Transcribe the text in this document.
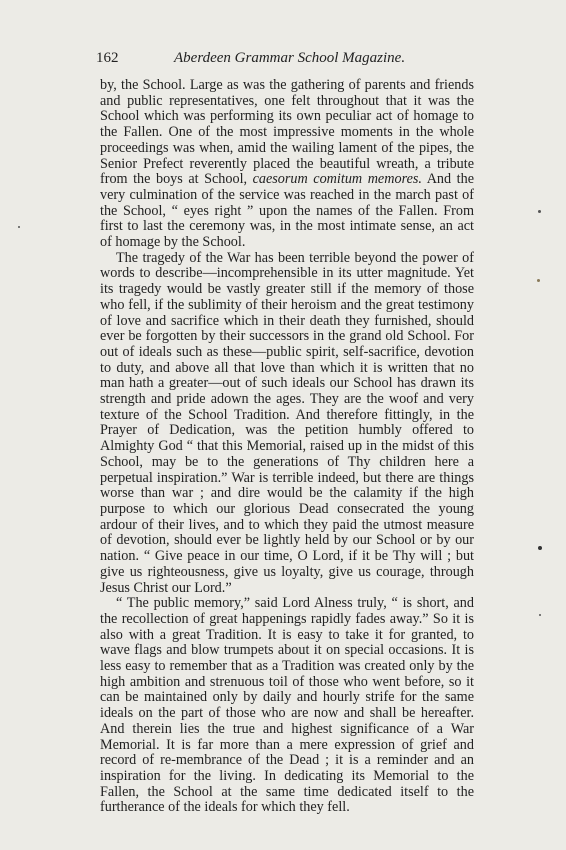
162	Aberdeen Grammar School Magazine.

by, the School. Large as was the gathering of parents and friends and public representatives, one felt throughout that it was the School which was performing its own peculiar act of homage to the Fallen. One of the most impressive moments in the whole proceedings was when, amid the wailing lament of the pipes, the Senior Prefect reverently placed the beautiful wreath, a tribute from the boys at School, caesorum comitum memores. And the very culmination of the service was reached in the march past of the School, “ eyes right ” upon the names of the Fallen. From first to last the ceremony was, in the most intimate sense, an act of homage by the School.

The tragedy of the War has been terrible beyond the power of words to describe—incomprehensible in its utter magnitude. Yet its tragedy would be vastly greater still if the memory of those who fell, if the sublimity of their heroism and the great testimony of love and sacrifice which in their death they furnished, should ever be forgotten by their successors in the grand old School. For out of ideals such as these—public spirit, self-sacrifice, devotion to duty, and above all that love than which it is written that no man hath a greater—out of such ideals our School has drawn its strength and pride adown the ages. They are the woof and very texture of the School Tradition. And therefore fittingly, in the Prayer of Dedication, was the petition humbly offered to Almighty God “ that this Memorial, raised up in the midst of this School, may be to the generations of Thy children here a perpetual inspiration.” War is terrible indeed, but there are things worse than war ; and dire would be the calamity if the high purpose to which our glorious Dead consecrated the young ardour of their lives, and to which they paid the utmost measure of devotion, should ever be lightly held by our School or by our nation. “ Give peace in our time, O Lord, if it be Thy will ; but give us righteousness, give us loyalty, give us courage, through Jesus Christ our Lord.”

“ The public memory,” said Lord Alness truly, “ is short, and the recollection of great happenings rapidly fades away.” So it is also with a great Tradition. It is easy to take it for granted, to wave flags and blow trumpets about it on special occasions. It is less easy to remember that as a Tradition was created only by the high ambition and strenuous toil of those who went before, so it can be maintained only by daily and hourly strife for the same ideals on the part of those who are now and shall be hereafter. And therein lies the true and highest significance of a War Memorial. It is far more than a mere expression of grief and record of re-membrance of the Dead ; it is a reminder and an inspiration for the living. In dedicating its Memorial to the Fallen, the School at the same time dedicated itself to the furtherance of the ideals for which they fell.
